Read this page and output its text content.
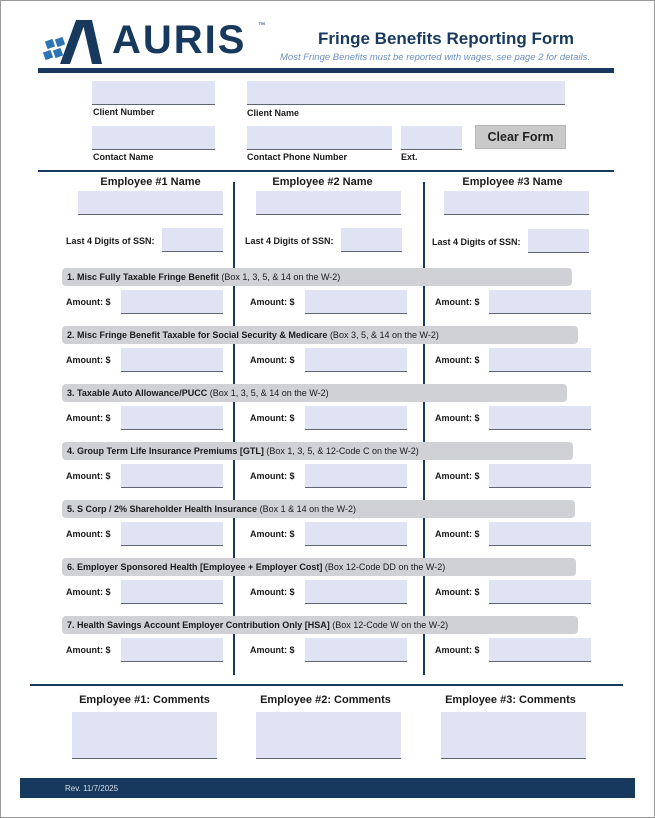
AURIS ™
Fringe Benefits Reporting Form
Most Fringe Benefits must be reported with wages, see page 2 for details.
Client Number	Client Name
Contact Name	Contact Phone Number	Ext.
Clear Form
Employee #1 Name	Employee #2 Name	Employee #3 Name
Last 4 Digits of SSN:	Last 4 Digits of SSN:	Last 4 Digits of SSN:
1. Misc Fully Taxable Fringe Benefit (Box 1, 3, 5, & 14 on the W-2)
Amount: $	Amount: $	Amount: $
2. Misc Fringe Benefit Taxable for Social Security & Medicare (Box 3, 5, & 14 on the W-2)
Amount: $	Amount: $	Amount: $
3. Taxable Auto Allowance/PUCC (Box 1, 3, 5, & 14 on the W-2)
Amount: $	Amount: $	Amount: $
4. Group Term Life Insurance Premiums [GTL] (Box 1, 3, 5, & 12-Code C on the W-2)
Amount: $	Amount: $	Amount: $
5. S Corp / 2% Shareholder Health Insurance (Box 1 & 14 on the W-2)
Amount: $	Amount: $	Amount: $
6. Employer Sponsored Health [Employee + Employer Cost] (Box 12-Code DD on the W-2)
Amount: $	Amount: $	Amount: $
7. Health Savings Account Employer Contribution Only [HSA] (Box 12-Code W on the W-2)
Amount: $	Amount: $	Amount: $
Employee #1: Comments	Employee #2: Comments	Employee #3: Comments
Rev. 11/7/2025
